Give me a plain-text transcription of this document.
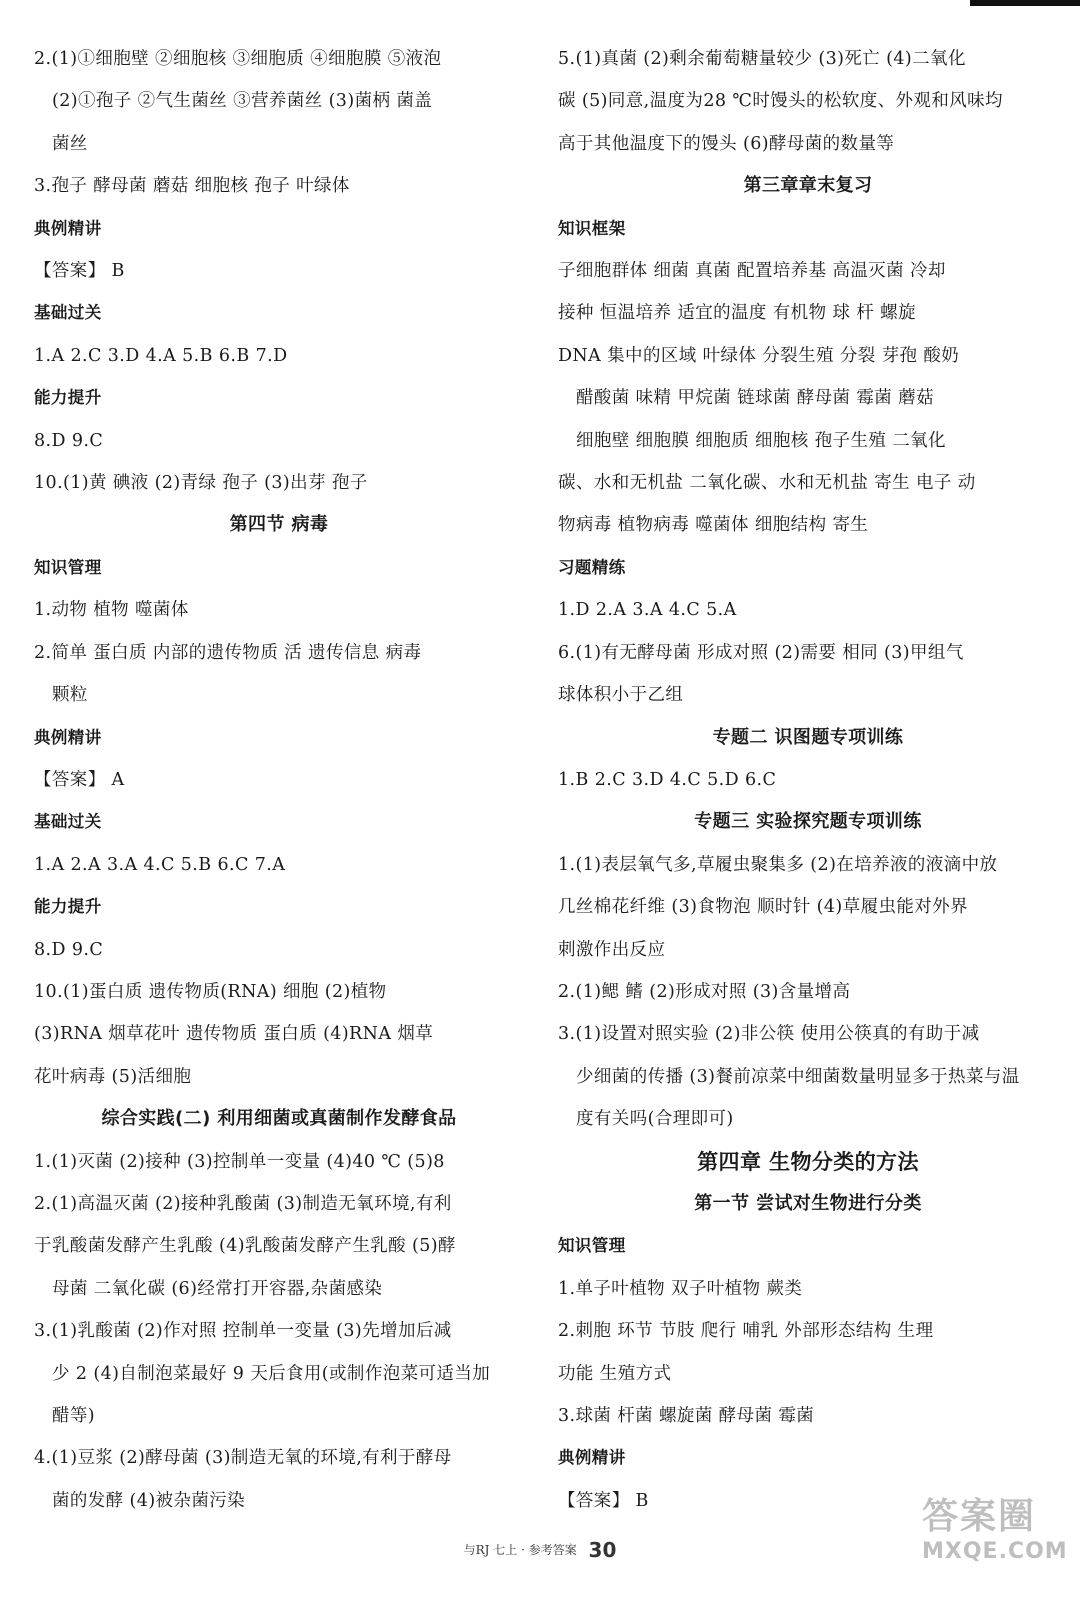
2.(1)①细胞壁 ②细胞核 ③细胞质 ④细胞膜 ⑤液泡
(2)①孢子 ②气生菌丝 ③营养菌丝 (3)菌柄 菌盖
菌丝
3.孢子 酵母菌 蘑菇 细胞核 孢子 叶绿体
典例精讲
【答案】 B
基础过关
1.A 2.C 3.D 4.A 5.B 6.B 7.D
能力提升
8.D 9.C
10.(1)黄 碘液 (2)青绿 孢子 (3)出芽 孢子
第四节 病毒
知识管理
1.动物 植物 噬菌体
2.简单 蛋白质 内部的遗传物质 活 遗传信息 病毒
颗粒
典例精讲
【答案】 A
基础过关
1.A 2.A 3.A 4.C 5.B 6.C 7.A
能力提升
8.D 9.C
10.(1)蛋白质 遗传物质(RNA) 细胞 (2)植物
(3)RNA 烟草花叶 遗传物质 蛋白质 (4)RNA 烟草
花叶病毒 (5)活细胞
综合实践(二) 利用细菌或真菌制作发酵食品
1.(1)灭菌 (2)接种 (3)控制单一变量 (4)40 ℃ (5)8
2.(1)高温灭菌 (2)接种乳酸菌 (3)制造无氧环境,有利
于乳酸菌发酵产生乳酸 (4)乳酸菌发酵产生乳酸 (5)酵
母菌 二氧化碳 (6)经常打开容器,杂菌感染
3.(1)乳酸菌 (2)作对照 控制单一变量 (3)先增加后减
少 2 (4)自制泡菜最好 9 天后食用(或制作泡菜可适当加
醋等)
4.(1)豆浆 (2)酵母菌 (3)制造无氧的环境,有利于酵母
菌的发酵 (4)被杂菌污染
5.(1)真菌 (2)剩余葡萄糖量较少 (3)死亡 (4)二氧化
碳 (5)同意,温度为28 ℃时馒头的松软度、外观和风味均
高于其他温度下的馒头 (6)酵母菌的数量等
第三章章末复习
知识框架
子细胞群体 细菌 真菌 配置培养基 高温灭菌 冷却
接种 恒温培养 适宜的温度 有机物 球 杆 螺旋
DNA 集中的区域 叶绿体 分裂生殖 分裂 芽孢 酸奶
醋酸菌 味精 甲烷菌 链球菌 酵母菌 霉菌 蘑菇
细胞壁 细胞膜 细胞质 细胞核 孢子生殖 二氧化
碳、水和无机盐 二氧化碳、水和无机盐 寄生 电子 动
物病毒 植物病毒 噬菌体 细胞结构 寄生
习题精练
1.D 2.A 3.A 4.C 5.A
6.(1)有无酵母菌 形成对照 (2)需要 相同 (3)甲组气
球体积小于乙组
专题二 识图题专项训练
1.B 2.C 3.D 4.C 5.D 6.C
专题三 实验探究题专项训练
1.(1)表层氧气多,草履虫聚集多 (2)在培养液的液滴中放
几丝棉花纤维 (3)食物泡 顺时针 (4)草履虫能对外界
刺激作出反应
2.(1)鳃 鳍 (2)形成对照 (3)含量增高
3.(1)设置对照实验 (2)非公筷 使用公筷真的有助于减
少细菌的传播 (3)餐前凉菜中细菌数量明显多于热菜与温
度有关吗(合理即可)
第四章 生物分类的方法
第一节 尝试对生物进行分类
知识管理
1.单子叶植物 双子叶植物 蕨类
2.刺胞 环节 节肢 爬行 哺乳 外部形态结构 生理
功能 生殖方式
3.球菌 杆菌 螺旋菌 酵母菌 霉菌
典例精讲
【答案】 B
与RJ 七上 · 参考答案 30
答案圈
MXQE.COM
